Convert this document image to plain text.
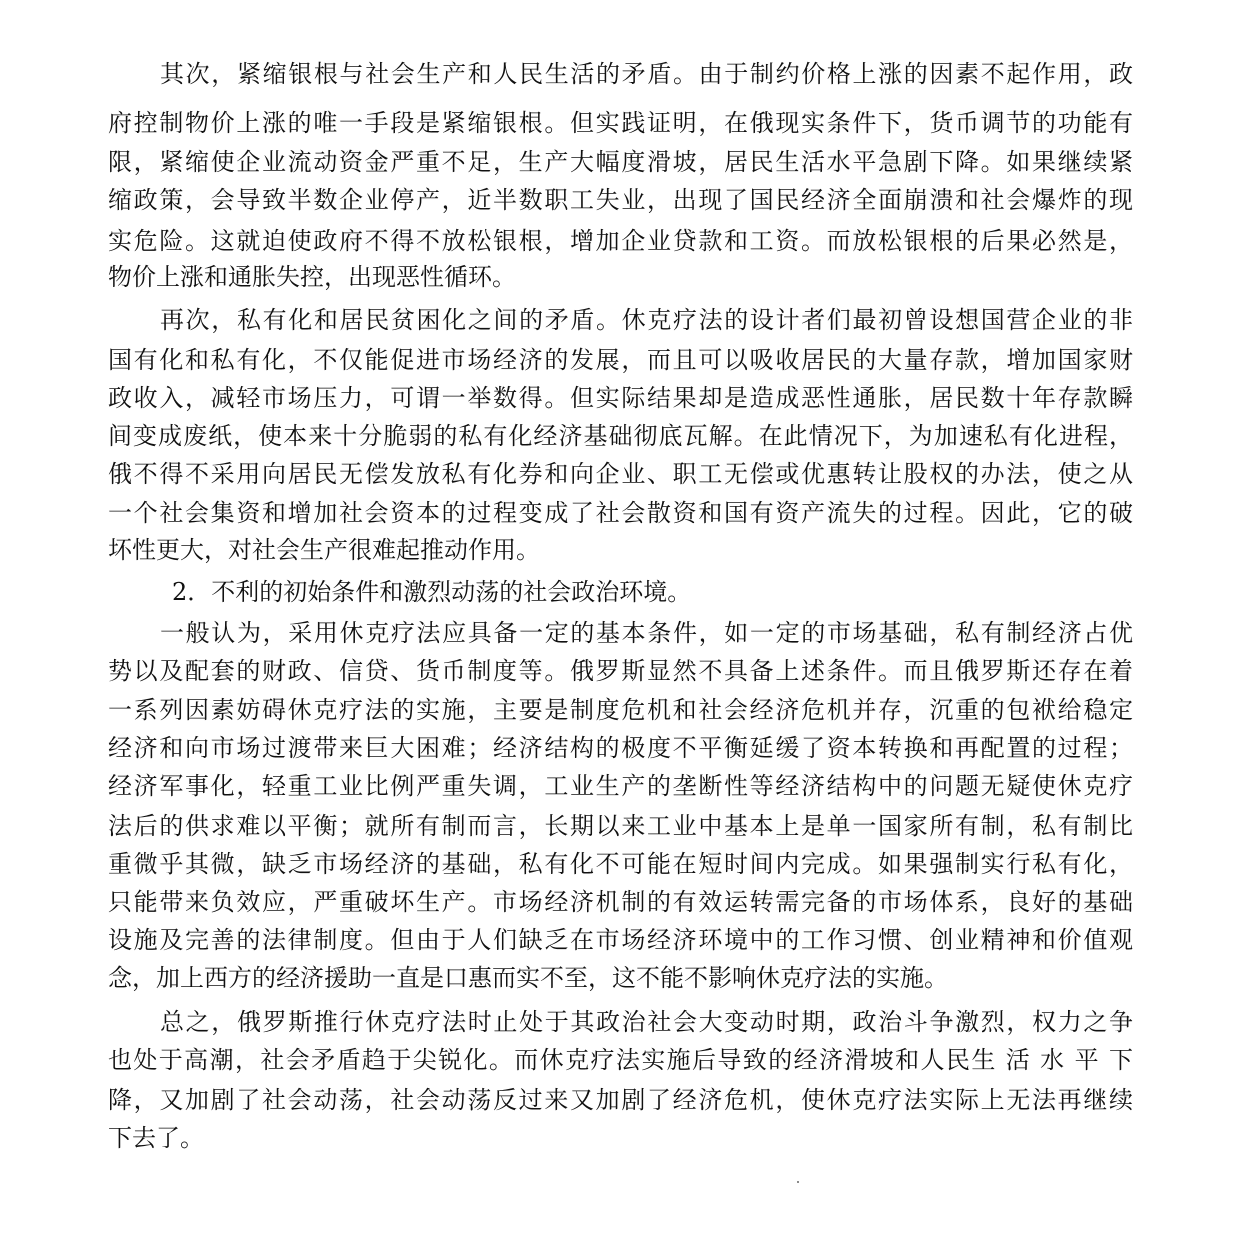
其次，紧缩银根与社会生产和人民生活的矛盾。由于制约价格上涨的因素不起作用，政
府控制物价上涨的唯一手段是紧缩银根。但实践证明，在俄现实条件下，货币调节的功能有
限，紧缩使企业流动资金严重不足，生产大幅度滑坡，居民生活水平急剧下降。如果继续紧
缩政策，会导致半数企业停产，近半数职工失业，出现了国民经济全面崩溃和社会爆炸的现
实危险。这就迫使政府不得不放松银根，增加企业贷款和工资。而放松银根的后果必然是，
物价上涨和通胀失控，出现恶性循环。
再次，私有化和居民贫困化之间的矛盾。休克疗法的设计者们最初曾设想国营企业的非
国有化和私有化，不仅能促进市场经济的发展，而且可以吸收居民的大量存款，增加国家财
政收入，减轻市场压力，可谓一举数得。但实际结果却是造成恶性通胀，居民数十年存款瞬
间变成废纸，使本来十分脆弱的私有化经济基础彻底瓦解。在此情况下，为加速私有化进程，
俄不得不采用向居民无偿发放私有化券和向企业、职工无偿或优惠转让股权的办法，使之从
一个社会集资和增加社会资本的过程变成了社会散资和国有资产流失的过程。因此，它的破
坏性更大，对社会生产很难起推动作用。
2．不利的初始条件和激烈动荡的社会政治环境。
一般认为，采用休克疗法应具备一定的基本条件，如一定的市场基础，私有制经济占优
势以及配套的财政、信贷、货币制度等。俄罗斯显然不具备上述条件。而且俄罗斯还存在着
一系列因素妨碍休克疗法的实施，主要是制度危机和社会经济危机并存，沉重的包袱给稳定
经济和向市场过渡带来巨大困难；经济结构的极度不平衡延缓了资本转换和再配置的过程；
经济军事化，轻重工业比例严重失调，工业生产的垄断性等经济结构中的问题无疑使休克疗
法后的供求难以平衡；就所有制而言，长期以来工业中基本上是单一国家所有制，私有制比
重微乎其微，缺乏市场经济的基础，私有化不可能在短时间内完成。如果强制实行私有化，
只能带来负效应，严重破坏生产。市场经济机制的有效运转需完备的市场体系，良好的基础
设施及完善的法律制度。但由于人们缺乏在市场经济环境中的工作习惯、创业精神和价值观
念，加上西方的经济援助一直是口惠而实不至，这不能不影响休克疗法的实施。
总之，俄罗斯推行休克疗法时止处于其政治社会大变动时期，政治斗争激烈，权力之争
也处于高潮，社会矛盾趋于尖锐化。而休克疗法实施后导致的经济滑坡和人民生 活 水 平 下
降，又加剧了社会动荡，社会动荡反过来又加剧了经济危机，使休克疗法实际上无法再继续
下去了。
